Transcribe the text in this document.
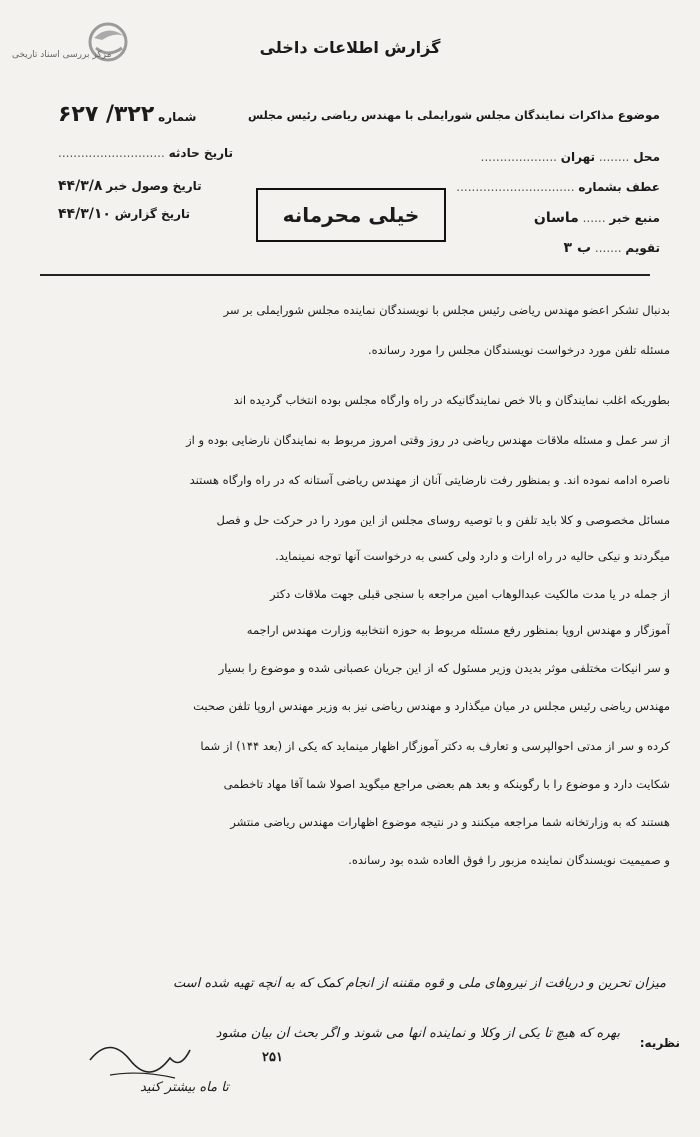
مرکز بررسی اسناد تاریخی	گزارش اطلاعات داخلی
موضوع مذاکرات نمایندگان مجلس شورایملی با مهندس ریاضی رئیس مجلس
محل ........ تهران ....................
عطف بشماره ...............................
منبع خبر ...... ماسان
تقویم ....... ب ۳
شماره ۳۲۲/ ۶۲۷
تاریخ حادثه ............................
تاریخ وصول خبر ۴۴/۳/۸
تاریخ گزارش ۴۴/۳/۱۰	خیلی محرمانه
بدنبال تشکر اعضو مهندس ریاضی رئیس مجلس با نویسندگان نماینده مجلس شورایملی بر سر
مسئله تلفن مورد درخواست نویسندگان مجلس را مورد رسانده.
بطوریکه اغلب نمایندگان و بالا خص نمایندگانیکه در راه وارگاه مجلس بوده انتخاب گردیده اند
از سر عمل و مسئله ملاقات مهندس ریاضی در روز وقتی امروز مربوط به نمایندگان نارضایی بوده و از
ناصره ادامه نموده اند. و بمنظور رفت نارضایتی آنان از مهندس ریاضی آستانه که در راه وارگاه هستند
مسائل مخصوصی و کلا باید تلفن و با توصیه روسای مجلس از این مورد را در حرکت حل و فصل
میگردند و نیکی حالیه در راه ارات و دارد ولی کسی به درخواست آنها توجه نمینماید.
از جمله در یا مدت مالکیت عبدالوهاب امین مراجعه با سنجی قبلی جهت ملاقات دکتر
آموزگار و مهندس اروپا بمنظور رفع مسئله مربوط به حوزه انتخابیه وزارت مهندس اراجمه
و سر انیکات مختلفی موثر بدیدن وزیر مسئول که از این جریان عصبانی شده و موضوع را بسیار
مهندس ریاضی رئیس مجلس در میان میگذارد و مهندس ریاضی نیز به وزیر مهندس اروپا تلفن صحبت
کرده و سر از مدتی احوالپرسی و تعارف به دکتر آموزگار اظهار مینماید که یکی از (بعد ۱۴۴) از شما
شکایت دارد و موضوع را با رگوینکه و بعد هم بعضی مراجع میگوید اصولا شما آقا مهاد تاخطمی
هستند که به وزارتخانه شما مراجعه میکنند و در نتیجه موضوع اظهارات مهندس ریاضی منتشر
و صمیمیت نویسندگان نماینده مزبور را فوق العاده شده بود رسانده.
میزان تحرین و دریافت از نیروهای ملی و قوه مقننه از انجام کمک که به آنچه تهیه شده است
نظریه:
بهره که هیچ تا یکی از وکلا و نماینده آنها می شوند و اگر بحث آن بیان مشود
۲۵۱
تا ماه بیشتر کنید
